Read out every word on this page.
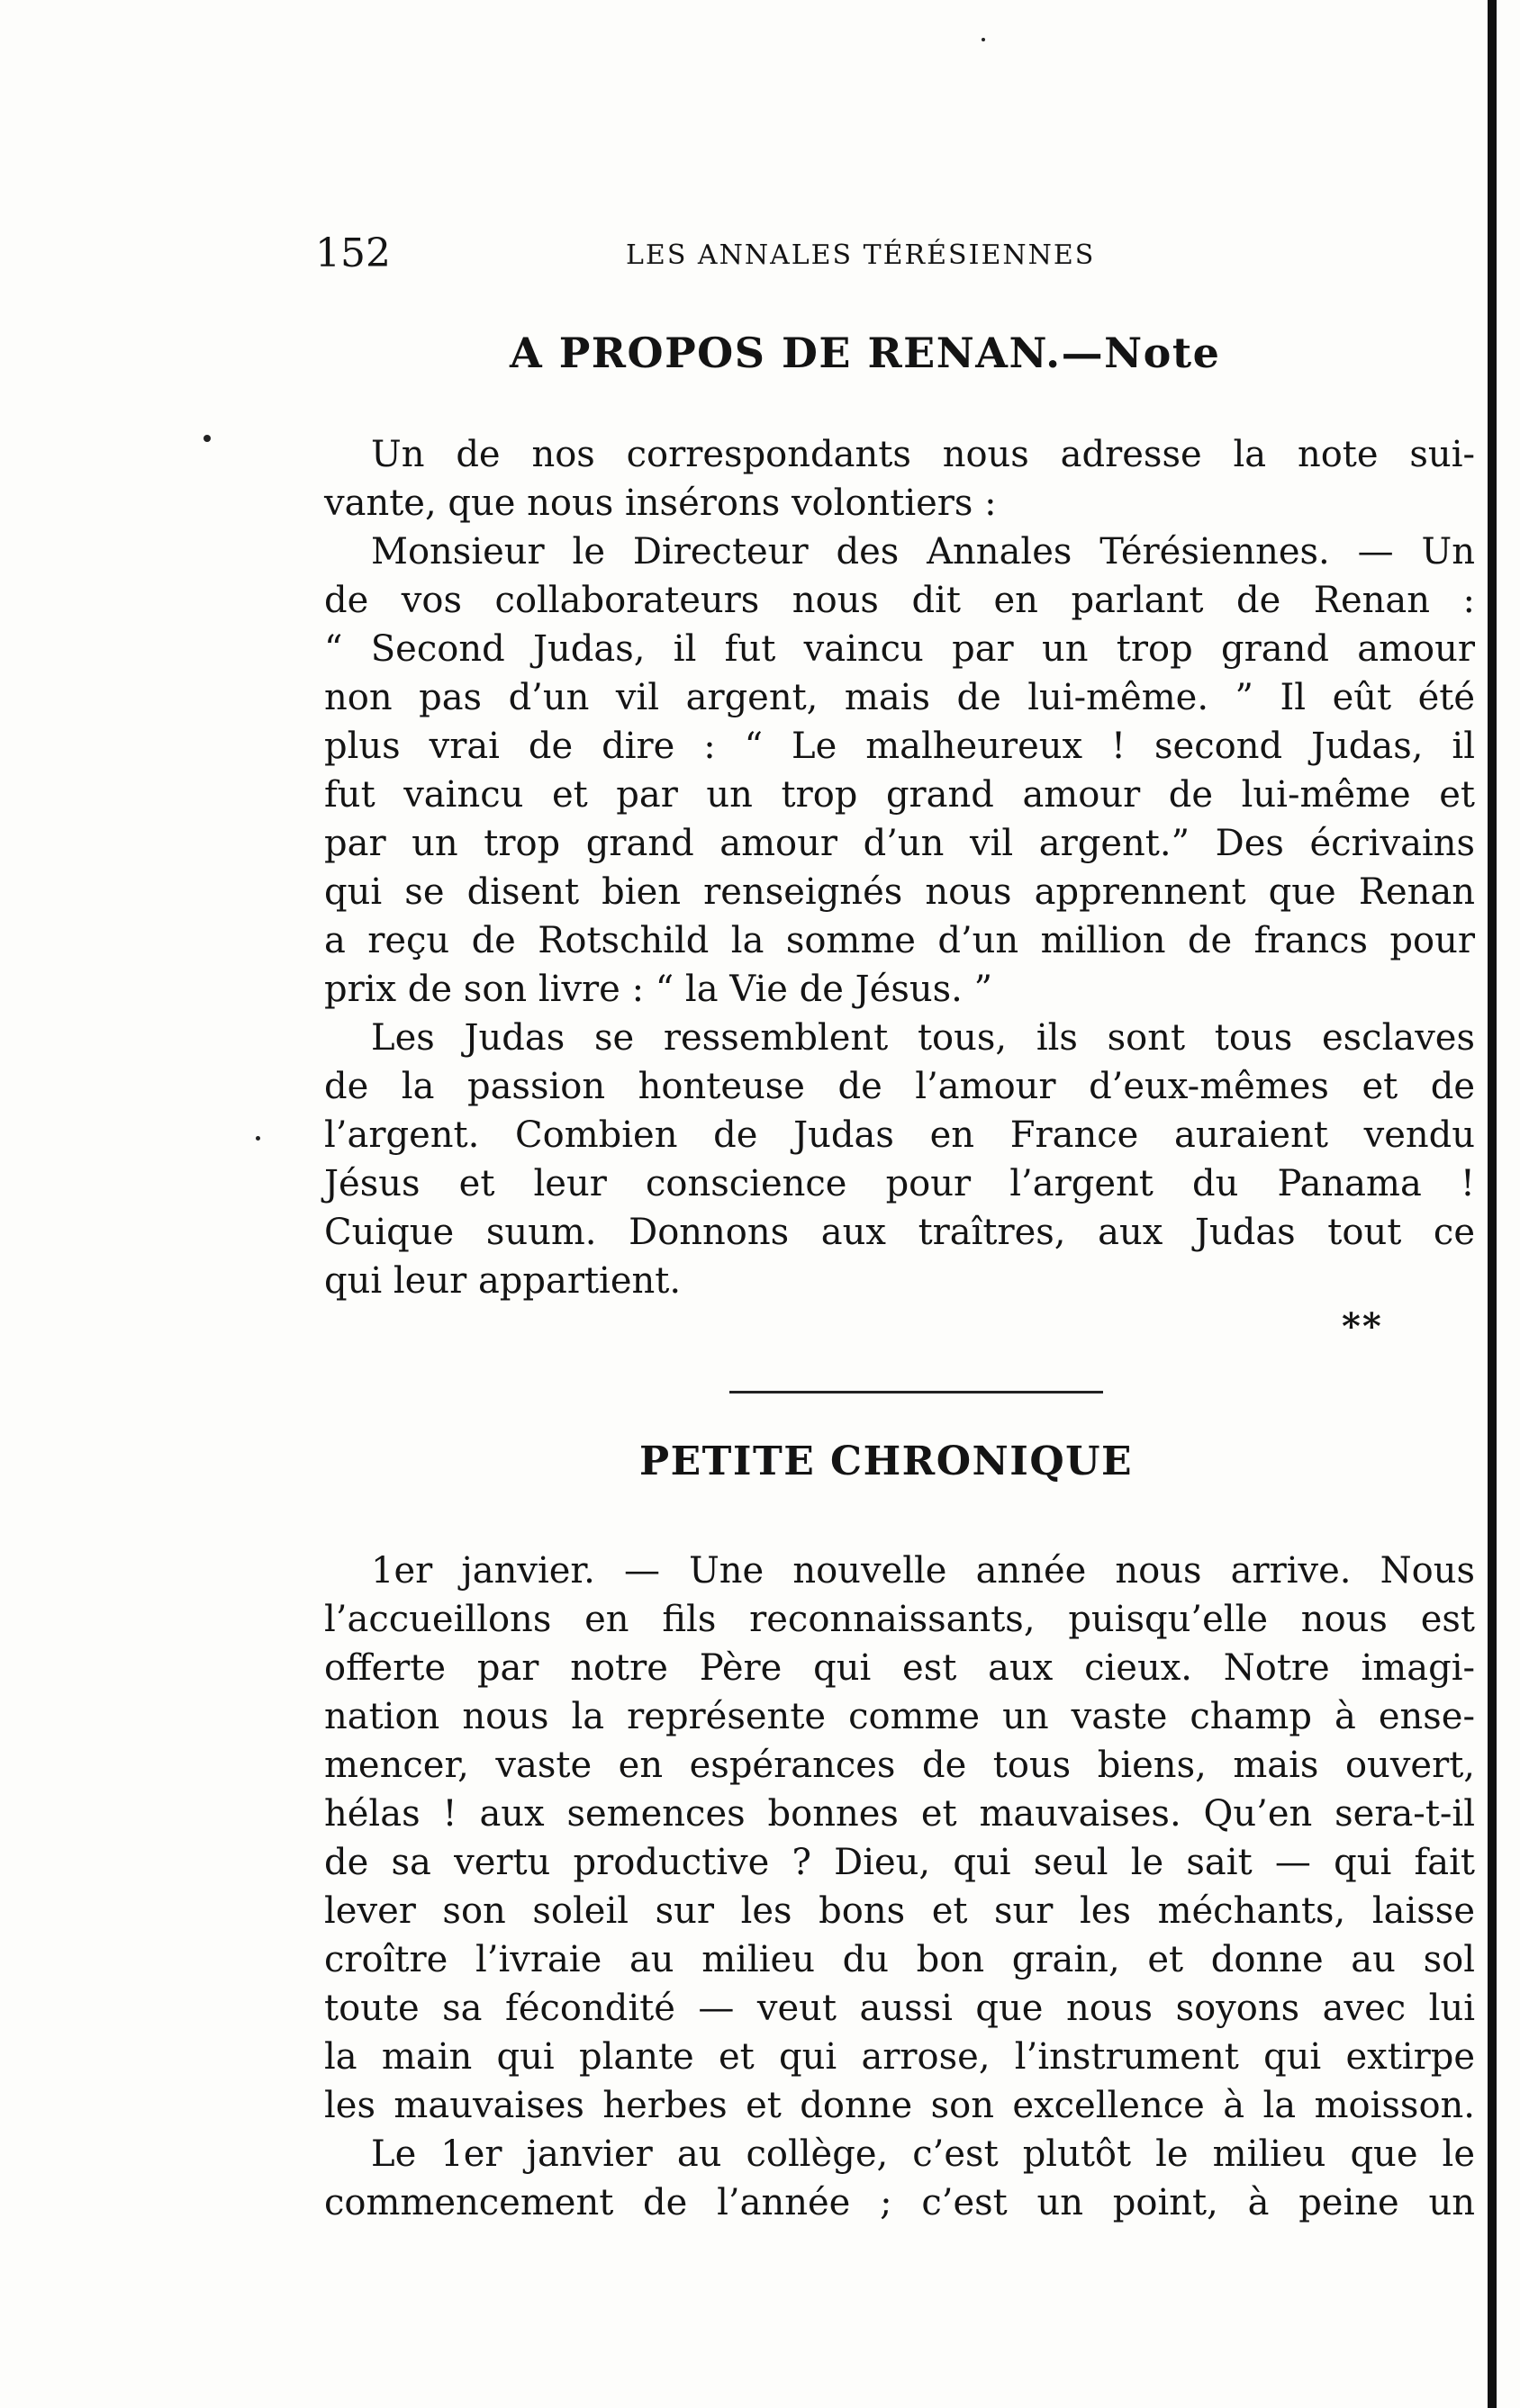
152	LES ANNALES TÉRÉSIENNES
A PROPOS DE RENAN.—Note
Un de nos correspondants nous adresse la note sui-
vante, que nous insérons volontiers :
Monsieur le Directeur des Annales Térésiennes. — Un
de vos collaborateurs nous dit en parlant de Renan :
“ Second Judas, il fut vaincu par un trop grand amour
non pas d’un vil argent, mais de lui-même. ” Il eût été
plus vrai de dire : “ Le malheureux ! second Judas, il
fut vaincu et par un trop grand amour de lui-même et
par un trop grand amour d’un vil argent.” Des écrivains
qui se disent bien renseignés nous apprennent que Renan
a reçu de Rotschild la somme d’un million de francs pour
prix de son livre : “ la Vie de Jésus. ”
Les Judas se ressemblent tous, ils sont tous esclaves
de la passion honteuse de l’amour d’eux-mêmes et de
l’argent. Combien de Judas en France auraient vendu
Jésus et leur conscience pour l’argent du Panama !
Cuique suum. Donnons aux traîtres, aux Judas tout ce
qui leur appartient.
**
PETITE CHRONIQUE
1er janvier. — Une nouvelle année nous arrive. Nous
l’accueillons en fils reconnaissants, puisqu’elle nous est
offerte par notre Père qui est aux cieux. Notre imagi-
nation nous la représente comme un vaste champ à ense-
mencer, vaste en espérances de tous biens, mais ouvert,
hélas ! aux semences bonnes et mauvaises. Qu’en sera-t-il
de sa vertu productive ? Dieu, qui seul le sait — qui fait
lever son soleil sur les bons et sur les méchants, laisse
croître l’ivraie au milieu du bon grain, et donne au sol
toute sa fécondité — veut aussi que nous soyons avec lui
la main qui plante et qui arrose, l’instrument qui extirpe
les mauvaises herbes et donne son excellence à la moisson.
Le 1er janvier au collège, c’est plutôt le milieu que le
commencement de l’année ; c’est un point, à peine un
